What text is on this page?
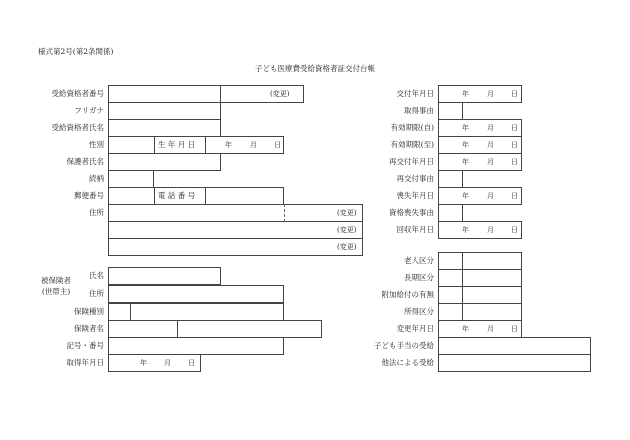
様式第2号(第2条関係)
子ども医療費受給資格者証交付台帳
受給資格者番号	(変更)
フリガナ
受給資格者氏名
性別	生 年 月 日	年	月 日
保護者氏名
続柄
郵便番号	電 話 番 号
住所	(変更)
(変更)
(変更)
被保険者
(世帯主)
氏名
住所
保険種別
保険者名
記号・番号
取得年月日	年 月 日
交付年月日	年	月 日
取得事由
有効期限(自)	年	月 日
有効期限(至)	年	月 日
再交付年月日	年	月 日
再交付事由
喪失年月日	年	月 日
資格喪失事由
回収年月日	年	月 日
老人区分
長期区分
附加給付の有無
所得区分
変更年月日	年	月 日
子ども手当の受給
他法による受給
